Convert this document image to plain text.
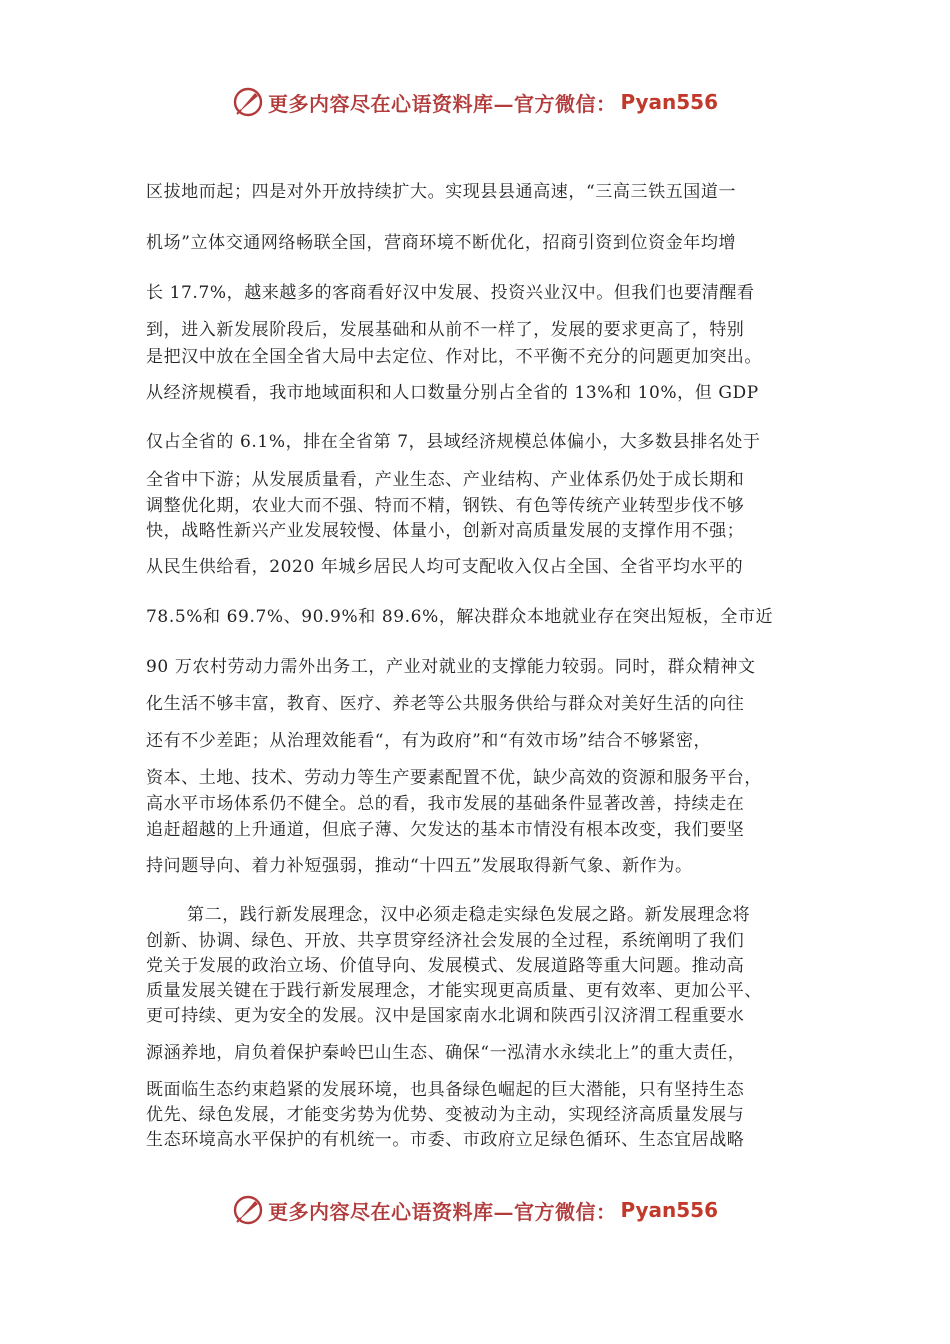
更多内容尽在心语资料库—官方微信： Pyan556
区拔地而起；四是对外开放持续扩大。实现县县通高速，“三高三铁五国道一
机场”立体交通网络畅联全国，营商环境不断优化，招商引资到位资金年均增
长 17.7%，越来越多的客商看好汉中发展、投资兴业汉中。但我们也要清醒看
到，进入新发展阶段后，发展基础和从前不一样了，发展的要求更高了，特别
是把汉中放在全国全省大局中去定位、作对比，不平衡不充分的问题更加突出。
从经济规模看，我市地域面积和人口数量分别占全省的 13%和 10%，但 GDP
仅占全省的 6.1%，排在全省第 7，县域经济规模总体偏小，大多数县排名处于
全省中下游；从发展质量看，产业生态、产业结构、产业体系仍处于成长期和
调整优化期，农业大而不强、特而不精，钢铁、有色等传统产业转型步伐不够
快，战略性新兴产业发展较慢、体量小，创新对高质量发展的支撑作用不强；
从民生供给看，2020 年城乡居民人均可支配收入仅占全国、全省平均水平的
78.5%和 69.7%、90.9%和 89.6%，解决群众本地就业存在突出短板，全市近
90 万农村劳动力需外出务工，产业对就业的支撑能力较弱。同时，群众精神文
化生活不够丰富，教育、医疗、养老等公共服务供给与群众对美好生活的向往
还有不少差距；从治理效能看“，有为政府”和“有效市场”结合不够紧密，
资本、土地、技术、劳动力等生产要素配置不优，缺少高效的资源和服务平台，
高水平市场体系仍不健全。总的看，我市发展的基础条件显著改善，持续走在
追赶超越的上升通道，但底子薄、欠发达的基本市情没有根本改变，我们要坚
持问题导向、着力补短强弱，推动“十四五”发展取得新气象、新作为。
第二，践行新发展理念，汉中必须走稳走实绿色发展之路。新发展理念将
创新、协调、绿色、开放、共享贯穿经济社会发展的全过程，系统阐明了我们
党关于发展的政治立场、价值导向、发展模式、发展道路等重大问题。推动高
质量发展关键在于践行新发展理念，才能实现更高质量、更有效率、更加公平、
更可持续、更为安全的发展。汉中是国家南水北调和陕西引汉济渭工程重要水
源涵养地，肩负着保护秦岭巴山生态、确保“一泓清水永续北上”的重大责任，
既面临生态约束趋紧的发展环境，也具备绿色崛起的巨大潜能，只有坚持生态
优先、绿色发展，才能变劣势为优势、变被动为主动，实现经济高质量发展与
生态环境高水平保护的有机统一。市委、市政府立足绿色循环、生态宜居战略
更多内容尽在心语资料库—官方微信： Pyan556
